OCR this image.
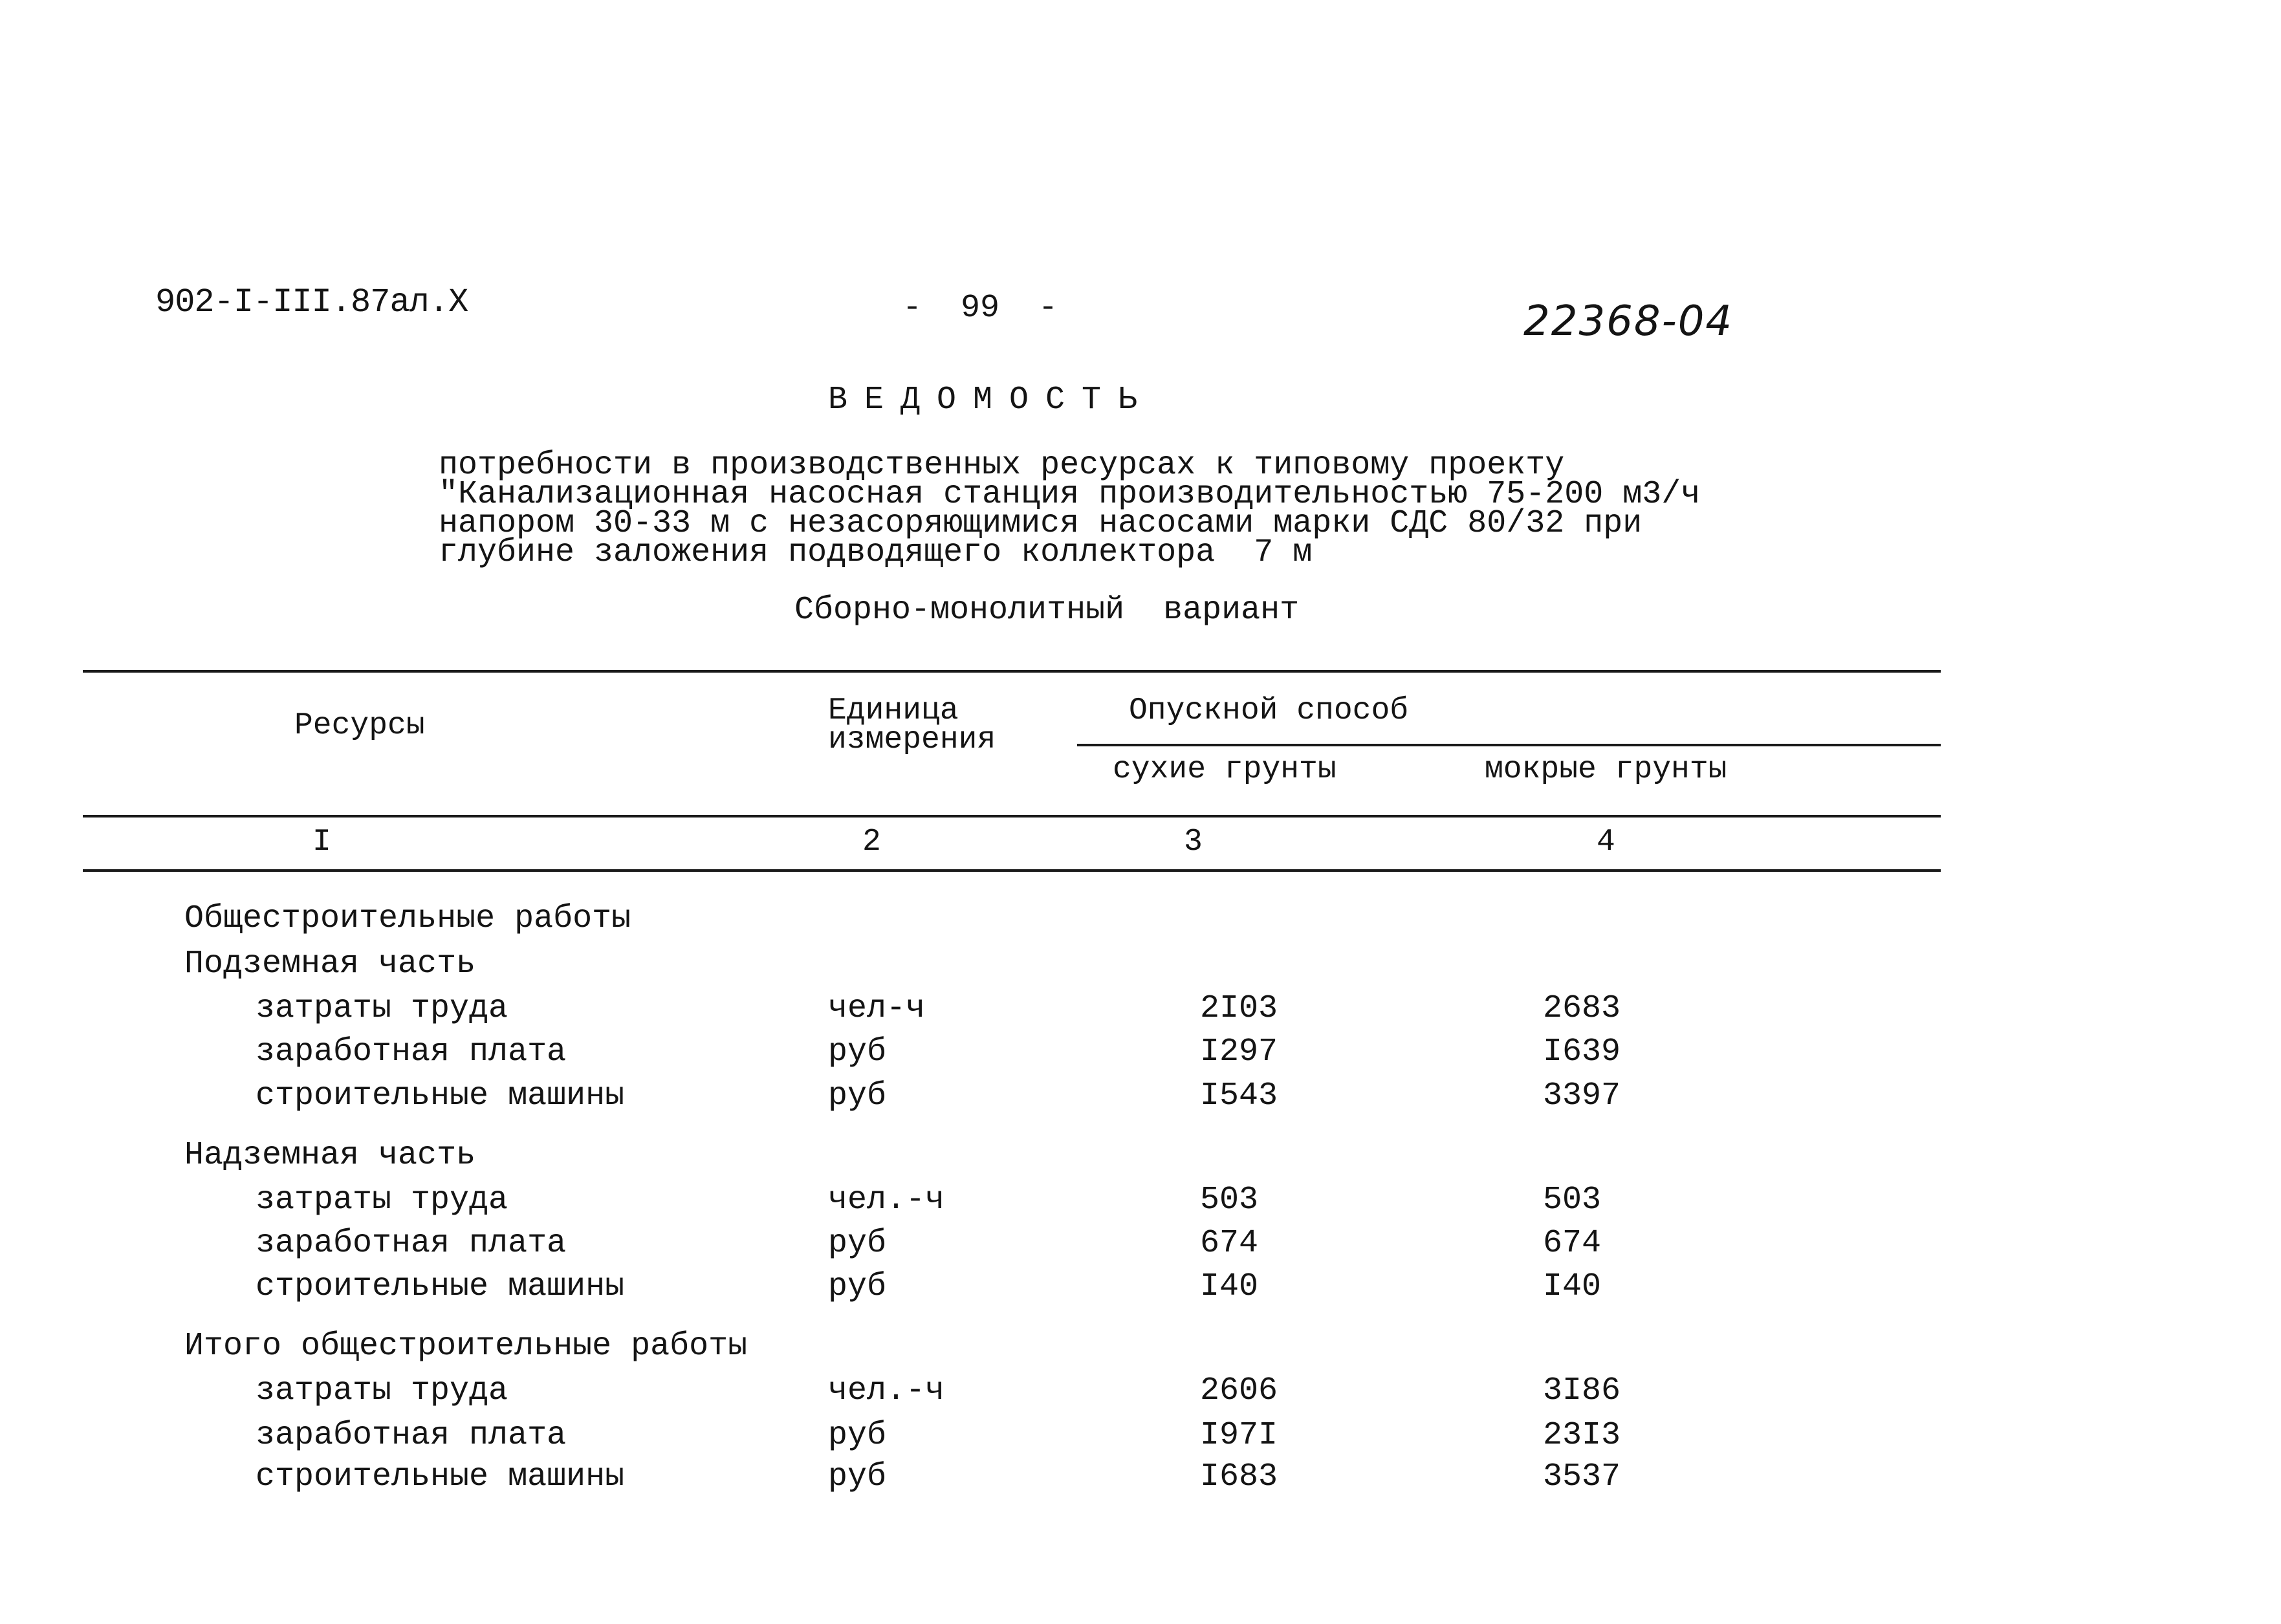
902-I-III.87ал.X	-  99  -	22368-04
ВЕДОМОСТЬ
потребности в производственных ресурсах к типовому проекту
"Канализационная насосная станция производительностью 75-200 м3/ч
напором 30-33 м с незасоряющимися насосами марки СДС 80/32 при
глубине заложения подводящего коллектора  7 м
Сборно-монолитный  вариант
Ресурсы	Единица
измерения
Опускной способ
сухие грунты	мокрые грунты
I	2	3	4
Общестроительные работы
Подземная часть
затраты труда	чел-ч	2I03	2683
заработная плата	руб	I297	I639
строительные машины	руб	I543	3397
Надземная часть
затраты труда	чел.-ч	503	503
заработная плата	руб	674	674
строительные машины	руб	I40	I40
Итого общестроительные работы
затраты труда	чел.-ч	2606	3I86
заработная плата	руб	I97I	23I3
строительные машины	руб	I683	3537
